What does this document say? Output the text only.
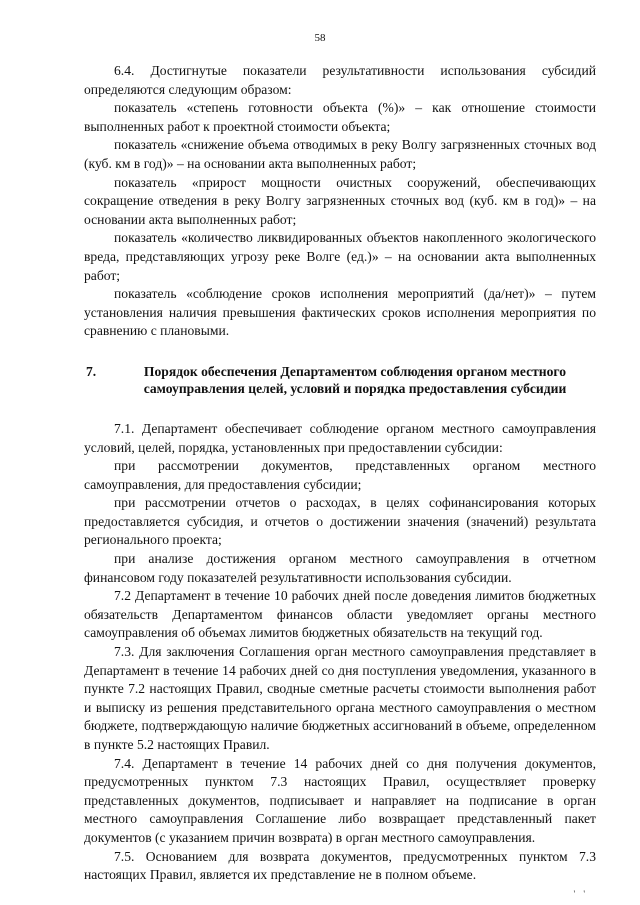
58

6.4. Достигнутые показатели результативности использования субсидий определяются следующим образом:

показатель «степень готовности объекта (%)» – как отношение стоимости выполненных работ к проектной стоимости объекта;

показатель «снижение объема отводимых в реку Волгу загрязненных сточных вод (куб. км в год)» – на основании акта выполненных работ;

показатель «прирост мощности очистных сооружений, обеспечивающих сокращение отведения в реку Волгу загрязненных сточных вод (куб. км в год)» – на основании акта выполненных работ;

показатель «количество ликвидированных объектов накопленного экологического вреда, представляющих угрозу реке Волге (ед.)» – на основании акта выполненных работ;

показатель «соблюдение сроков исполнения мероприятий (да/нет)» – путем установления наличия превышения фактических сроков исполнения мероприятия по сравнению с плановыми.

7.	Порядок обеспечения Департаментом соблюдения органом местного самоуправления целей, условий и порядка предоставления субсидии

7.1. Департамент обеспечивает соблюдение органом местного самоуправления условий, целей, порядка, установленных при предоставлении субсидии:

при рассмотрении документов, представленных органом местного самоуправления, для предоставления субсидии;

при рассмотрении отчетов о расходах, в целях софинансирования которых предоставляется субсидия, и отчетов о достижении значения (значений) результата регионального проекта;

при анализе достижения органом местного самоуправления в отчетном финансовом году показателей результативности использования субсидии.

7.2 Департамент в течение 10 рабочих дней после доведения лимитов бюджетных обязательств Департаментом финансов области уведомляет органы местного самоуправления об объемах лимитов бюджетных обязательств на текущий год.

7.3. Для заключения Соглашения орган местного самоуправления представляет в Департамент в течение 14 рабочих дней со дня поступления уведомления, указанного в пункте 7.2 настоящих Правил, сводные сметные расчеты стоимости выполнения работ и выписку из решения представительного органа местного самоуправления о местном бюджете, подтверждающую наличие бюджетных ассигнований в объеме, определенном в пункте 5.2 настоящих Правил.

7.4. Департамент в течение 14 рабочих дней со дня получения документов, предусмотренных пунктом 7.3 настоящих Правил, осуществляет проверку представленных документов, подписывает и направляет на подписание в орган местного самоуправления Соглашение либо возвращает представленный пакет документов (с указанием причин возврата) в орган местного самоуправления.

7.5. Основанием для возврата документов, предусмотренных пунктом 7.3 настоящих Правил, является их представление не в полном объеме.

' '
